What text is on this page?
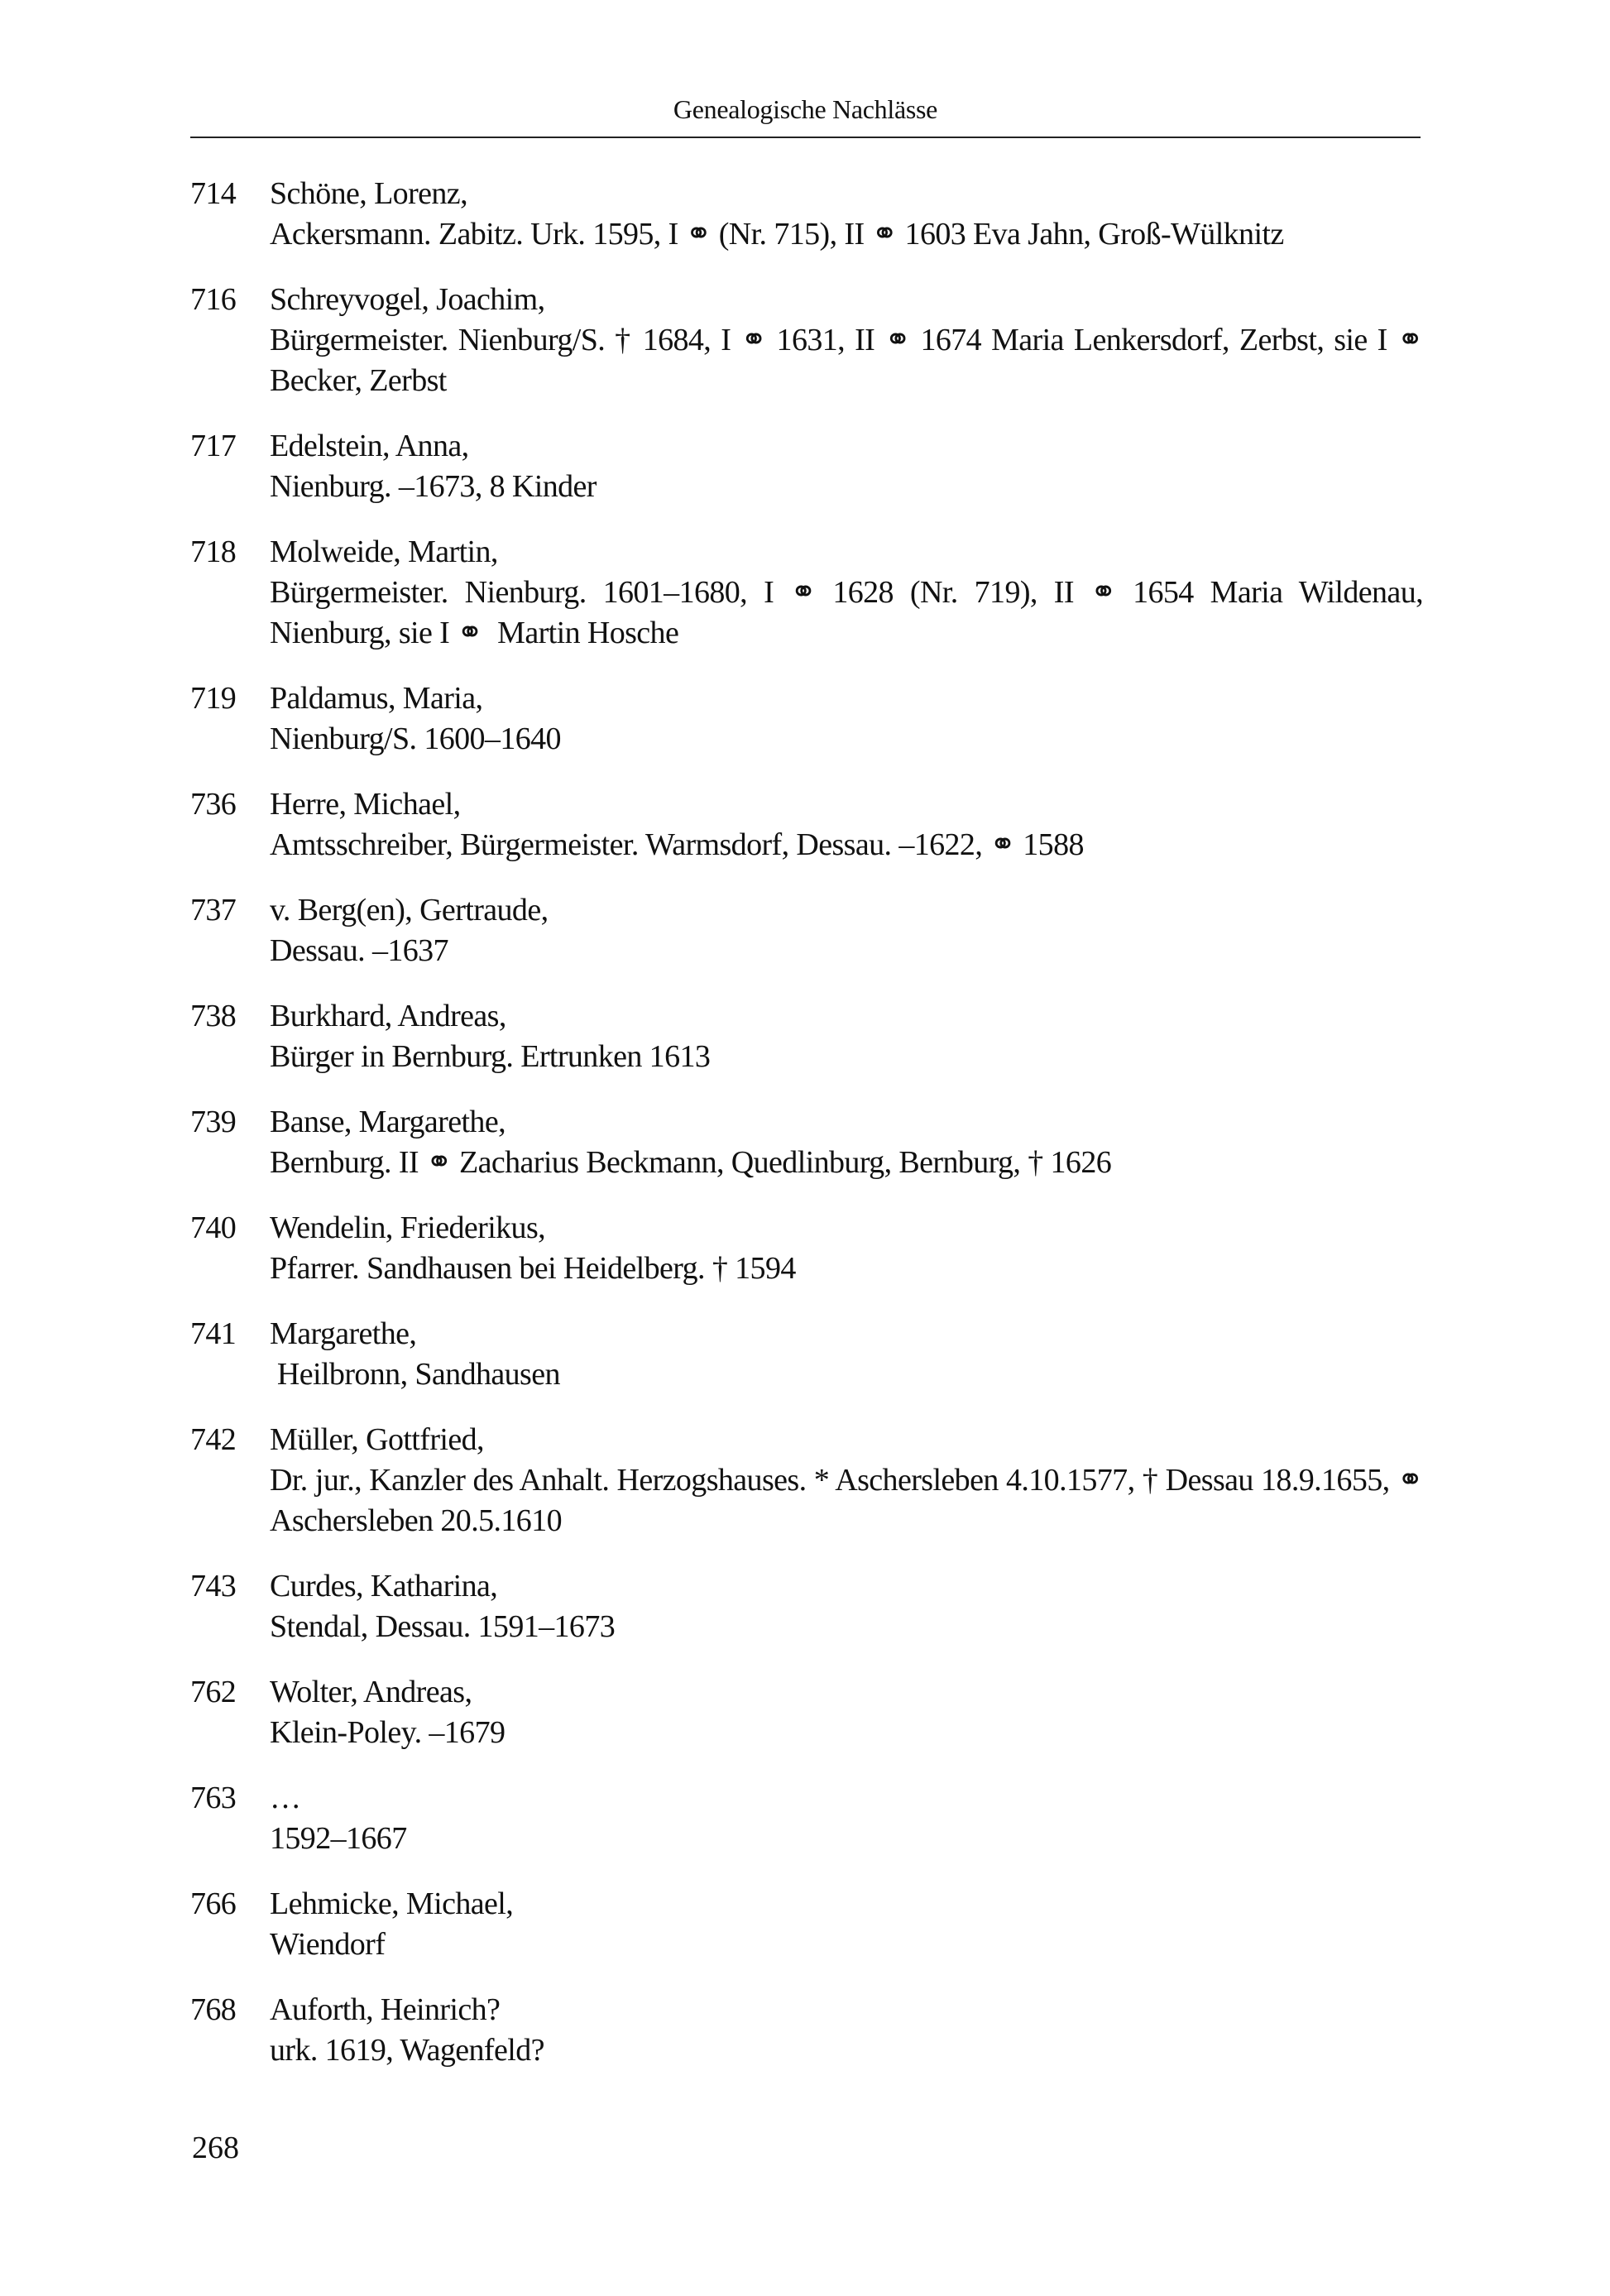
Genealogische Nachlässe
714	Schöne, Lorenz,
Ackersmann. Zabitz. Urk. 1595, I ⚭ (Nr. 715), II ⚭ 1603 Eva Jahn, Groß-Wülknitz
716	Schreyvogel, Joachim,
Bürgermeister. Nienburg/S. † 1684, I ⚭ 1631, II ⚭ 1674 Maria Lenkersdorf, Zerbst, sie I ⚭ Becker, Zerbst
717	Edelstein, Anna,
Nienburg. –1673, 8 Kinder
718	Molweide, Martin,
Bürgermeister. Nienburg. 1601–1680, I ⚭ 1628 (Nr. 719), II ⚭ 1654 Maria Wildenau, Nienburg, sie I ⚭  Martin Hosche
719	Paldamus, Maria,
Nienburg/S. 1600–1640
736	Herre, Michael,
Amtsschreiber, Bürgermeister. Warmsdorf, Dessau. –1622, ⚭ 1588
737	v. Berg(en), Gertraude,
Dessau. –1637
738	Burkhard, Andreas,
Bürger in Bernburg. Ertrunken 1613
739	Banse, Margarethe,
Bernburg. II ⚭ Zacharius Beckmann, Quedlinburg, Bernburg, † 1626
740	Wendelin, Friederikus,
Pfarrer. Sandhausen bei Heidelberg. † 1594
741	Margarethe,
Heilbronn, Sandhausen
742	Müller, Gottfried,
Dr. jur., Kanzler des Anhalt. Herzogshauses. * Aschersleben 4.10.1577, † Dessau 18.9.1655, ⚭ Aschersleben 20.5.1610
743	Curdes, Katharina,
Stendal, Dessau. 1591–1673
762	Wolter, Andreas,
Klein-Poley. –1679
763	…
1592–1667
766	Lehmicke, Michael,
Wiendorf
768	Auforth, Heinrich?
urk. 1619, Wagenfeld?
268
